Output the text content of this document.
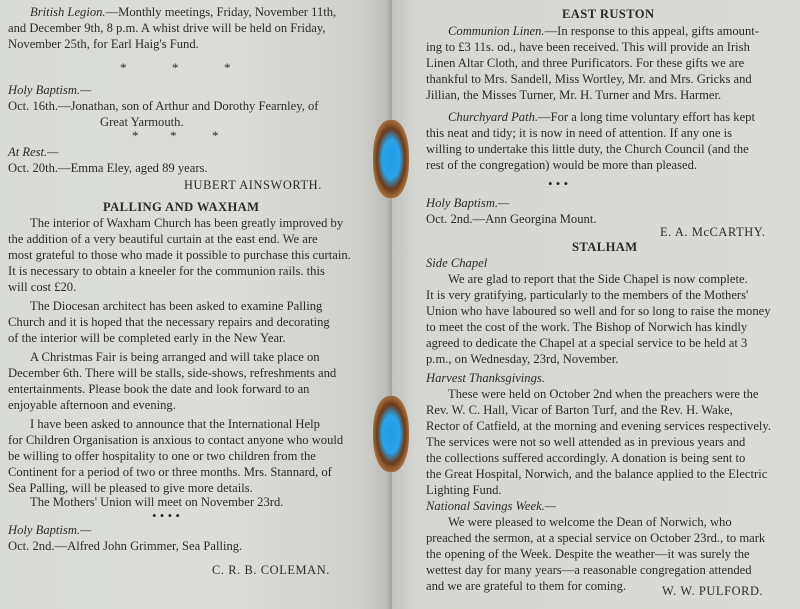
British Legion.—Monthly meetings, Friday, November 11th,
and December 9th, 8 p.m. A whist drive will be held on Friday,
November 25th, for Earl Haig's Fund.
*	*	*
Holy Baptism.—
Oct. 16th.—Jonathan, son of Arthur and Dorothy Fearnley, of
Great Yarmouth.
* *	*
At Rest.—
Oct. 20th.—Emma Eley, aged 89 years.
HUBERT AINSWORTH.
PALLING AND WAXHAM
The interior of Waxham Church has been greatly improved by
the addition of a very beautiful curtain at the east end. We are
most grateful to those who made it possible to purchase this curtain.
It is necessary to obtain a kneeler for the communion rails. this
will cost £20.
The Diocesan architect has been asked to examine Palling
Church and it is hoped that the necessary repairs and decorating
of the interior will be completed early in the New Year.
A Christmas Fair is being arranged and will take place on
December 6th. There will be stalls, side-shows, refreshments and
entertainments. Please book the date and look forward to an
enjoyable afternoon and evening.
I have been asked to announce that the International Help
for Children Organisation is anxious to contact anyone who would
be willing to offer hospitality to one or two children from the
Continent for a period of two or three months. Mrs. Stannard, of
Sea Palling, will be pleased to give more details.
The Mothers' Union will meet on November 23rd.
• • • •
Holy Baptism.—
Oct. 2nd.—Alfred John Grimmer, Sea Palling.
C. R. B. COLEMAN.
EAST RUSTON
Communion Linen.—In response to this appeal, gifts amount-
ing to £3 11s. od., have been received. This will provide an Irish
Linen Altar Cloth, and three Purificators. For these gifts we are
thankful to Mrs. Sandell, Miss Wortley, Mr. and Mrs. Gricks and
Jillian, the Misses Turner, Mr. H. Turner and Mrs. Harmer.
Churchyard Path.—For a long time voluntary effort has kept
this neat and tidy; it is now in need of attention. If any one is
willing to undertake this little duty, the Church Council (and the
rest of the congregation) would be more than pleased.
• • •
Holy Baptism.—
Oct. 2nd.—Ann Georgina Mount.
E. A. McCARTHY.
STALHAM
Side Chapel
We are glad to report that the Side Chapel is now complete.
It is very gratifying, particularly to the members of the Mothers'
Union who have laboured so well and for so long to raise the money
to meet the cost of the work. The Bishop of Norwich has kindly
agreed to dedicate the Chapel at a special service to be held at 3
p.m., on Wednesday, 23rd, November.
Harvest Thanksgivings.
These were held on October 2nd when the preachers were the
Rev. W. C. Hall, Vicar of Barton Turf, and the Rev. H. Wake,
Rector of Catfield, at the morning and evening services respectively.
The services were not so well attended as in previous years and
the collections suffered accordingly. A donation is being sent to
the Great Hospital, Norwich, and the balance applied to the Electric
Lighting Fund.
National Savings Week.—
We were pleased to welcome the Dean of Norwich, who
preached the sermon, at a special service on October 23rd., to mark
the opening of the Week. Despite the weather—it was surely the
wettest day for many years—a reasonable congregation attended
and we are grateful to them for coming.	W. W. PULFORD.
